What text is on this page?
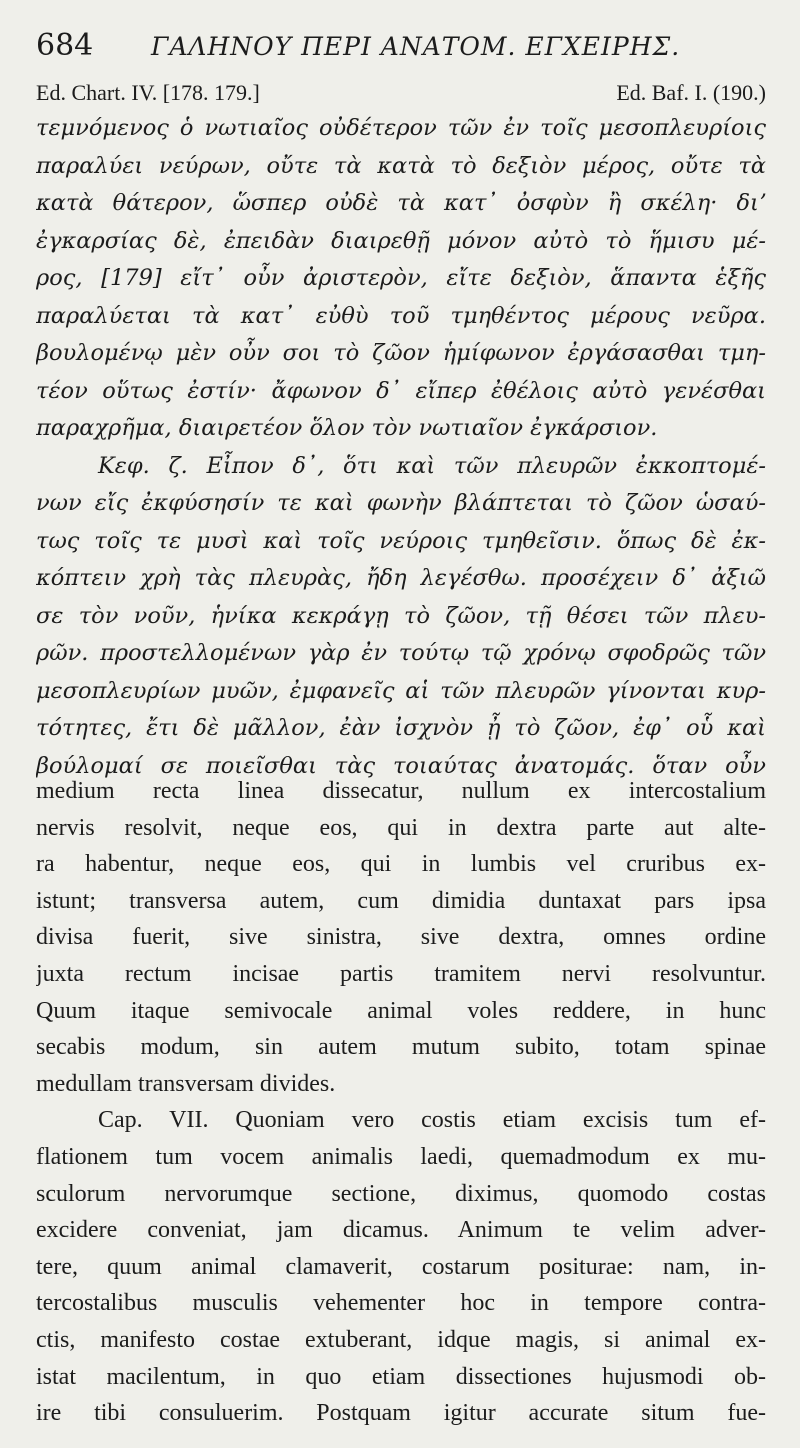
684 ΓΑΛΗΝΟΥ ΠΕΡΙ ΑΝΑΤΟΜ. ΕΓΧΕΙΡΗΣ.
Ed. Chart. IV. [178. 179.]	Ed. Baf. I. (190.)
τεμνόμενος ὁ νωτιαῖος οὐδέτερον τῶν ἐν τοῖς μεσοπλευρίοις
παραλύει νεύρων, οὔτε τὰ κατὰ τὸ δεξιὸν μέρος, οὔτε τὰ
κατὰ θάτερον, ὥσπερ οὐδὲ τὰ κατ᾽ ὀσφὺν ἢ σκέλη· διʼ
ἐγκαρσίας δὲ, ἐπειδὰν διαιρεθῇ μόνον αὐτὸ τὸ ἥμισυ μέ-
ρος, [179] εἴτ᾽ οὖν ἀριστερὸν, εἴτε δεξιὸν, ἅπαντα ἑξῆς
παραλύεται τὰ κατ᾽ εὐθὺ τοῦ τμηθέντος μέρους νεῦρα.
βουλομένῳ μὲν οὖν σοι τὸ ζῶον ἡμίφωνον ἐργάσασθαι τμη-
τέον οὕτως ἐστίν· ἄφωνον δ᾽ εἴπερ ἐθέλοις αὐτὸ γενέσθαι
παραχρῆμα, διαιρετέον ὅλον τὸν νωτιαῖον ἐγκάρσιον.
Κεφ. ζ. Εἶπον δ᾽, ὅτι καὶ τῶν πλευρῶν ἐκκοπτομέ-
νων εἴς ἐκφύσησίν τε καὶ φωνὴν βλάπτεται τὸ ζῶον ὡσαύ-
τως τοῖς τε μυσὶ καὶ τοῖς νεύροις τμηθεῖσιν. ὅπως δὲ ἐκ-
κόπτειν χρὴ τὰς πλευρὰς, ἤδη λεγέσθω. προσέχειν δ᾽ ἀξιῶ
σε τὸν νοῦν, ἡνίκα κεκράγῃ τὸ ζῶον, τῇ θέσει τῶν πλευ-
ρῶν. προστελλομένων γὰρ ἐν τούτῳ τῷ χρόνῳ σφοδρῶς τῶν
μεσοπλευρίων μυῶν, ἐμφανεῖς αἱ τῶν πλευρῶν γίνονται κυρ-
τότητες, ἔτι δὲ μᾶλλον, ἐὰν ἰσχνὸν ᾖ τὸ ζῶον, ἐφ᾽ οὗ καὶ
βούλομαί σε ποιεῖσθαι τὰς τοιαύτας ἀνατομάς. ὅταν οὖν
medium recta linea dissecatur, nullum ex intercostalium
nervis resolvit, neque eos, qui in dextra parte aut alte-
ra habentur, neque eos, qui in lumbis vel cruribus ex-
istunt; transversa autem, cum dimidia duntaxat pars ipsa
divisa fuerit, sive sinistra, sive dextra, omnes ordine
juxta rectum incisae partis tramitem nervi resolvuntur.
Quum itaque semivocale animal voles reddere, in hunc
secabis modum, sin autem mutum subito, totam spinae
medullam transversam divides.
Cap. VII. Quoniam vero costis etiam excisis tum ef-
flationem tum vocem animalis laedi, quemadmodum ex mu-
sculorum nervorumque sectione, diximus, quomodo costas
excidere conveniat, jam dicamus. Animum te velim adver-
tere, quum animal clamaverit, costarum positurae: nam, in-
tercostalibus musculis vehementer hoc in tempore contra-
ctis, manifesto costae extuberant, idque magis, si animal ex-
istat macilentum, in quo etiam dissectiones hujusmodi ob-
ire tibi consuluerim. Postquam igitur accurate situm fue-
